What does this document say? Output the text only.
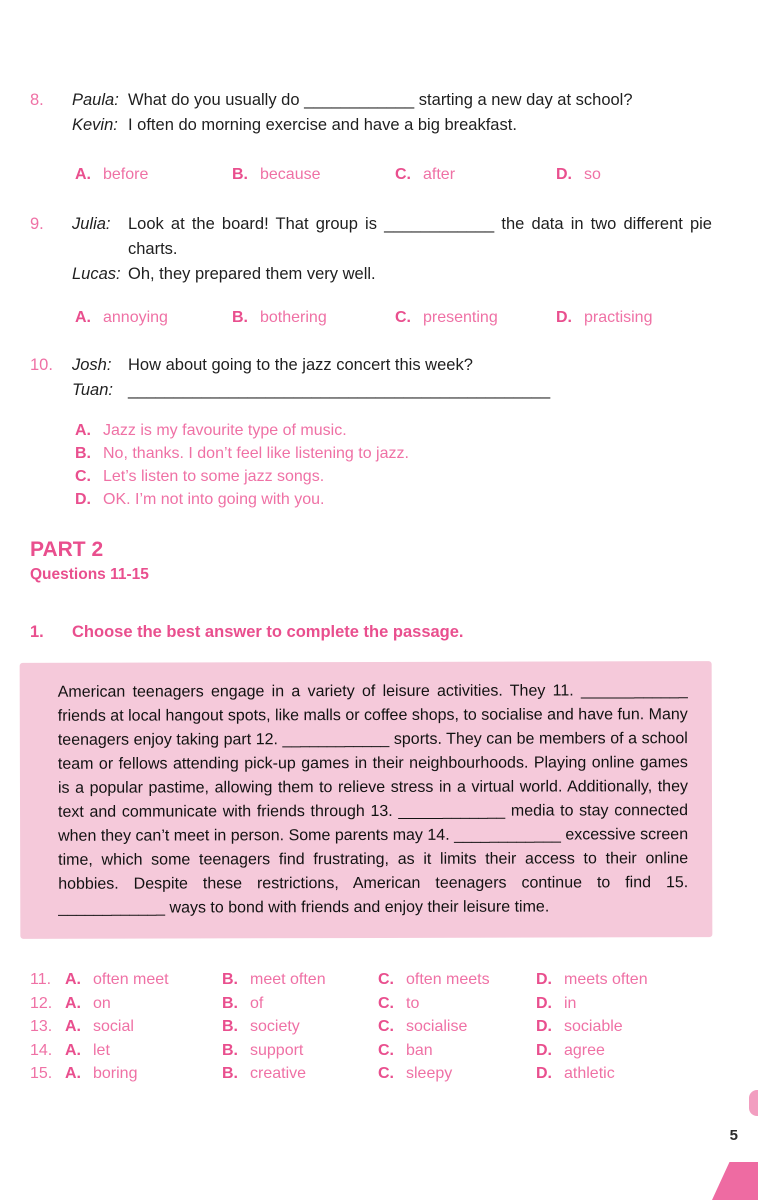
8.	Paula: What do you usually do ____________ starting a new day at school?
Kevin: I often do morning exercise and have a big breakfast.
A. before	B. because	C. after	D. so
9.	Julia:	Look at the board! That group is ____________ the data in two different pie charts.
Lucas: Oh, they prepared them very well.
A. annoying	B. bothering	C. presenting	D. practising
10.	Josh:	How about going to the jazz concert this week?
Tuan: ______________________________________________
A. Jazz is my favourite type of music.
B. No, thanks. I don’t feel like listening to jazz.
C. Let’s listen to some jazz songs.
D. OK. I’m not into going with you.
PART 2
Questions 11-15
1.	Choose the best answer to complete the passage.

American teenagers engage in a variety of leisure activities. They 11. ____________ friends at local hangout spots, like malls or coffee shops, to socialise and have fun. Many teenagers enjoy taking part 12. ____________ sports. They can be members of a school team or fellows attending pick-up games in their neighbourhoods. Playing online games is a popular pastime, allowing them to relieve stress in a virtual world. Additionally, they text and communicate with friends through 13. ____________ media to stay connected when they can’t meet in person. Some parents may 14. ____________ excessive screen time, which some teenagers find frustrating, as it limits their access to their online hobbies. Despite these restrictions, American teenagers continue to find 15. ____________ ways to bond with friends and enjoy their leisure time.

11. A. often meet	B. meet often	C. often meets	D. meets often
12. A. on	B. of	C. to	D. in
13. A. social	B. society	C. socialise	D. sociable
14. A. let	B. support	C. ban	D. agree
15. A. boring	B. creative	C. sleepy	D. athletic
5
